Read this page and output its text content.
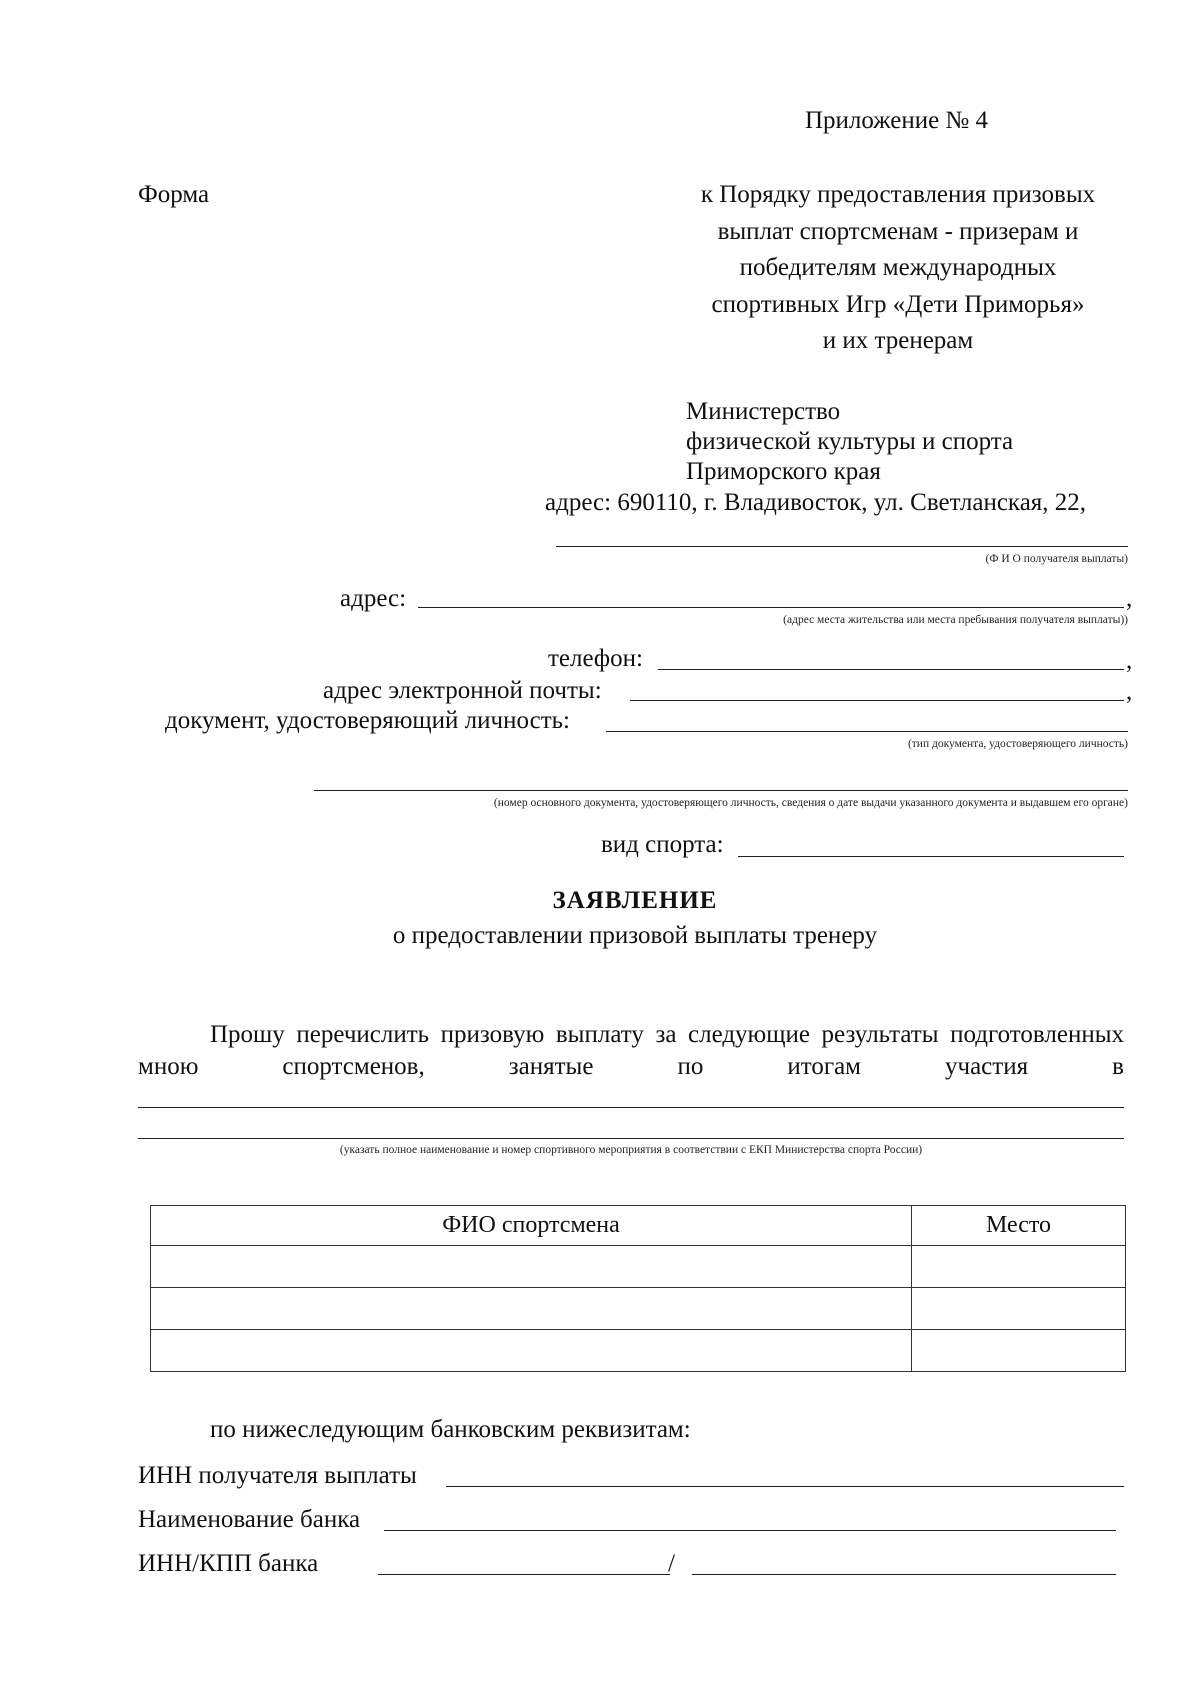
Приложение № 4
Форма	к Порядку предоставления призовых
выплат спортсменам - призерам и
победителям международных
спортивных Игр «Дети Приморья»
и их тренерам
Министерство
физической культуры и спорта
Приморского края
адрес: 690110, г. Владивосток, ул. Светланская, 22,
(Ф И О получателя выплаты)
адрес:	,
(адрес места жительства или места пребывания получателя выплаты))
телефон:	,
адрес электронной почты:	,
документ, удостоверяющий личность:
(тип документа, удостоверяющего личность)
(номер основного документа, удостоверяющего личность, сведения о дате выдачи указанного документа и выдавшем его органе)
вид спорта:
ЗАЯВЛЕНИЕ
о предоставлении призовой выплаты тренеру
Прошу перечислить призовую выплату за следующие результаты подготовленных
мною	спортсменов,	занятые	по	итогам	участия	в
(указать полное наименование и номер спортивного мероприятия в соответствии с ЕКП Министерства спорта России)
ФИО спортсмена	Место

по нижеследующим банковским реквизитам:
ИНН получателя выплаты
Наименование банка
ИНН/КПП банка	/
